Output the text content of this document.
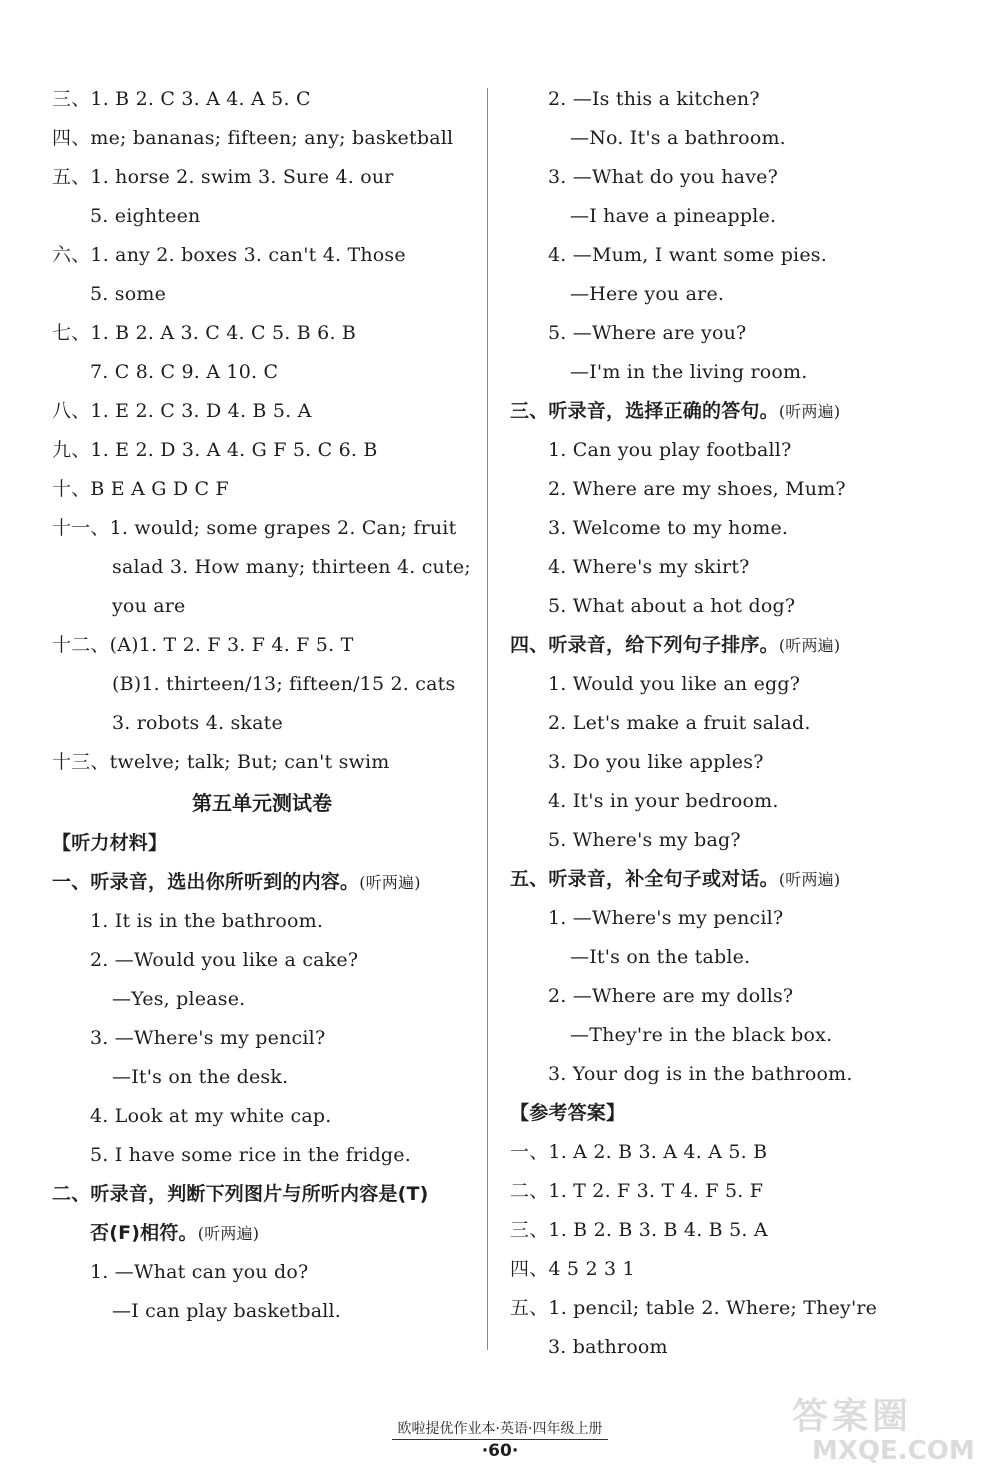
三、1. B 2. C 3. A 4. A 5. C
四、me; bananas; fifteen; any; basketball
五、1. horse 2. swim 3. Sure 4. our
5. eighteen
六、1. any 2. boxes 3. can't 4. Those
5. some
七、1. B 2. A 3. C 4. C 5. B 6. B
7. C 8. C 9. A 10. C
八、1. E 2. C 3. D 4. B 5. A
九、1. E 2. D 3. A 4. G F 5. C 6. B
十、B E A G D C F
十一、1. would; some grapes 2. Can; fruit
salad 3. How many; thirteen 4. cute;
you are
十二、(A)1. T 2. F 3. F 4. F 5. T
(B)1. thirteen/13; fifteen/15 2. cats
3. robots 4. skate
十三、twelve; talk; But; can't swim
第五单元测试卷
【听力材料】
一、听录音，选出你所听到的内容。(听两遍)
1. It is in the bathroom.
2. —Would you like a cake?
—Yes, please.
3. —Where's my pencil?
—It's on the desk.
4. Look at my white cap.
5. I have some rice in the fridge.
二、听录音，判断下列图片与所听内容是(T)
否(F)相符。(听两遍)
1. —What can you do?
—I can play basketball.
2. —Is this a kitchen?
—No. It's a bathroom.
3. —What do you have?
—I have a pineapple.
4. —Mum, I want some pies.
—Here you are.
5. —Where are you?
—I'm in the living room.
三、听录音，选择正确的答句。(听两遍)
1. Can you play football?
2. Where are my shoes, Mum?
3. Welcome to my home.
4. Where's my skirt?
5. What about a hot dog?
四、听录音，给下列句子排序。(听两遍)
1. Would you like an egg?
2. Let's make a fruit salad.
3. Do you like apples?
4. It's in your bedroom.
5. Where's my bag?
五、听录音，补全句子或对话。(听两遍)
1. —Where's my pencil?
—It's on the table.
2. —Where are my dolls?
—They're in the black box.
3. Your dog is in the bathroom.
【参考答案】
一、1. A 2. B 3. A 4. A 5. B
二、1. T 2. F 3. T 4. F 5. F
三、1. B 2. B 3. B 4. B 5. A
四、4 5 2 3 1
五、1. pencil; table 2. Where; They're
3. bathroom
欧啦提优作业本·英语·四年级上册
·60·
答案圈
MXQE.COM
